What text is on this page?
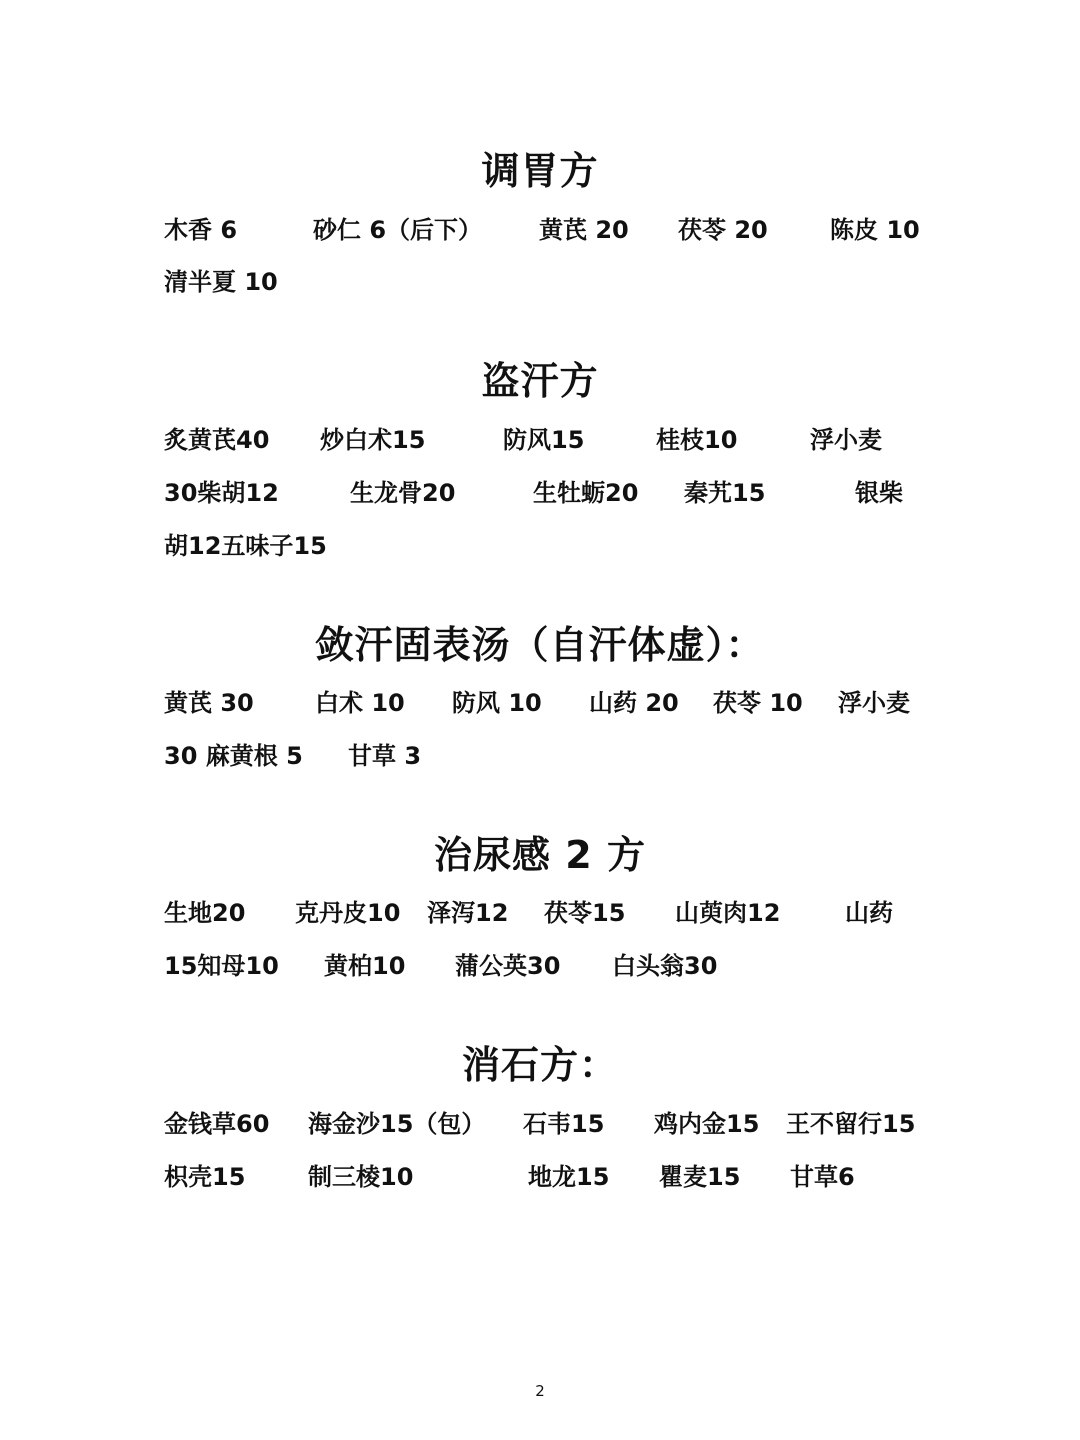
调胃方
木香 6	砂仁 6（后下） 黄芪 20 茯苓 20	陈皮 10
清半夏 10
盗汗方
炙黄芪40 炒白术15	防风15	桂枝10	浮小麦
30柴胡12	生龙骨20	生牡蛎20 秦艽15	银柴
胡12五味子15
敛汗固表汤（自汗体虚）：
黄芪 30	白术 10 防风 10 山药 20 茯苓 10 浮小麦
30 麻黄根 5 甘草 3
治尿感 2 方
生地20 克丹皮10 泽泻12 茯苓15 山萸肉12	山药
15知母10 黄柏10 蒲公英30 白头翁30
消石方：
金钱草60 海金沙15（包） 石韦15 鸡内金15 王不留行15
枳壳15	制三棱10	地龙15 瞿麦15 甘草6
2
